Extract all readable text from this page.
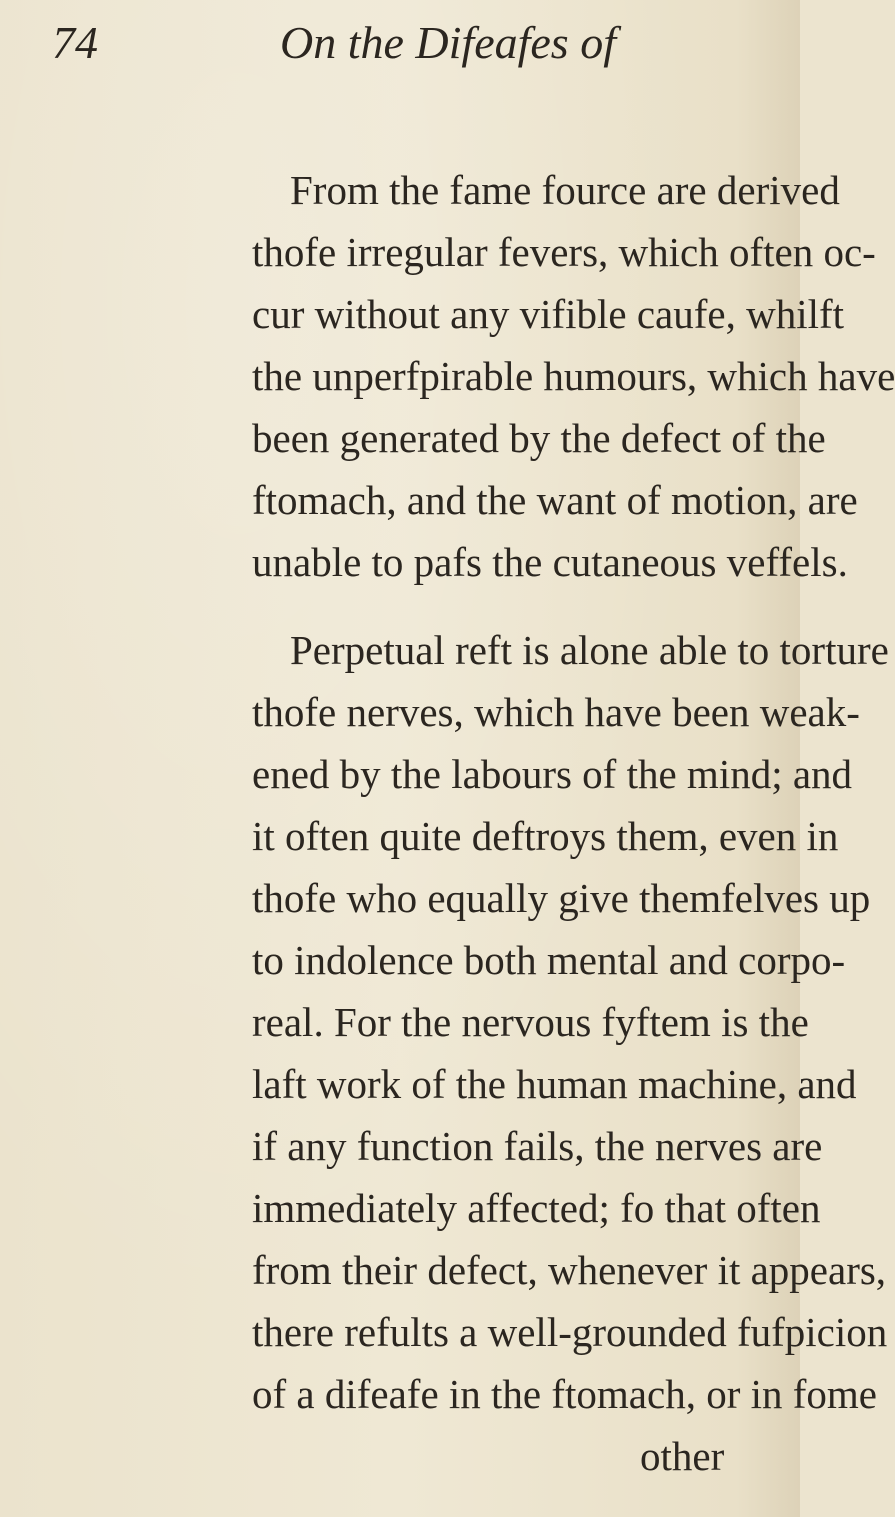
74	On the Difeafes of
From the fame fource are derived
thofe irregular fevers, which often oc-
cur without any vifible caufe, whilft
the unperfpirable humours, which have
been generated by the defect of the
ftomach, and the want of motion, are
unable to pafs the cutaneous veffels.
Perpetual reft is alone able to torture
thofe nerves, which have been weak-
ened by the labours of the mind; and
it often quite deftroys them, even in
thofe who equally give themfelves up
to indolence both mental and corpo-
real. For the nervous fyftem is the
laft work of the human machine, and
if any function fails, the nerves are
immediately affected; fo that often
from their defect, whenever it appears,
there refults a well-grounded fufpicion
of a difeafe in the ftomach, or in fome
other
